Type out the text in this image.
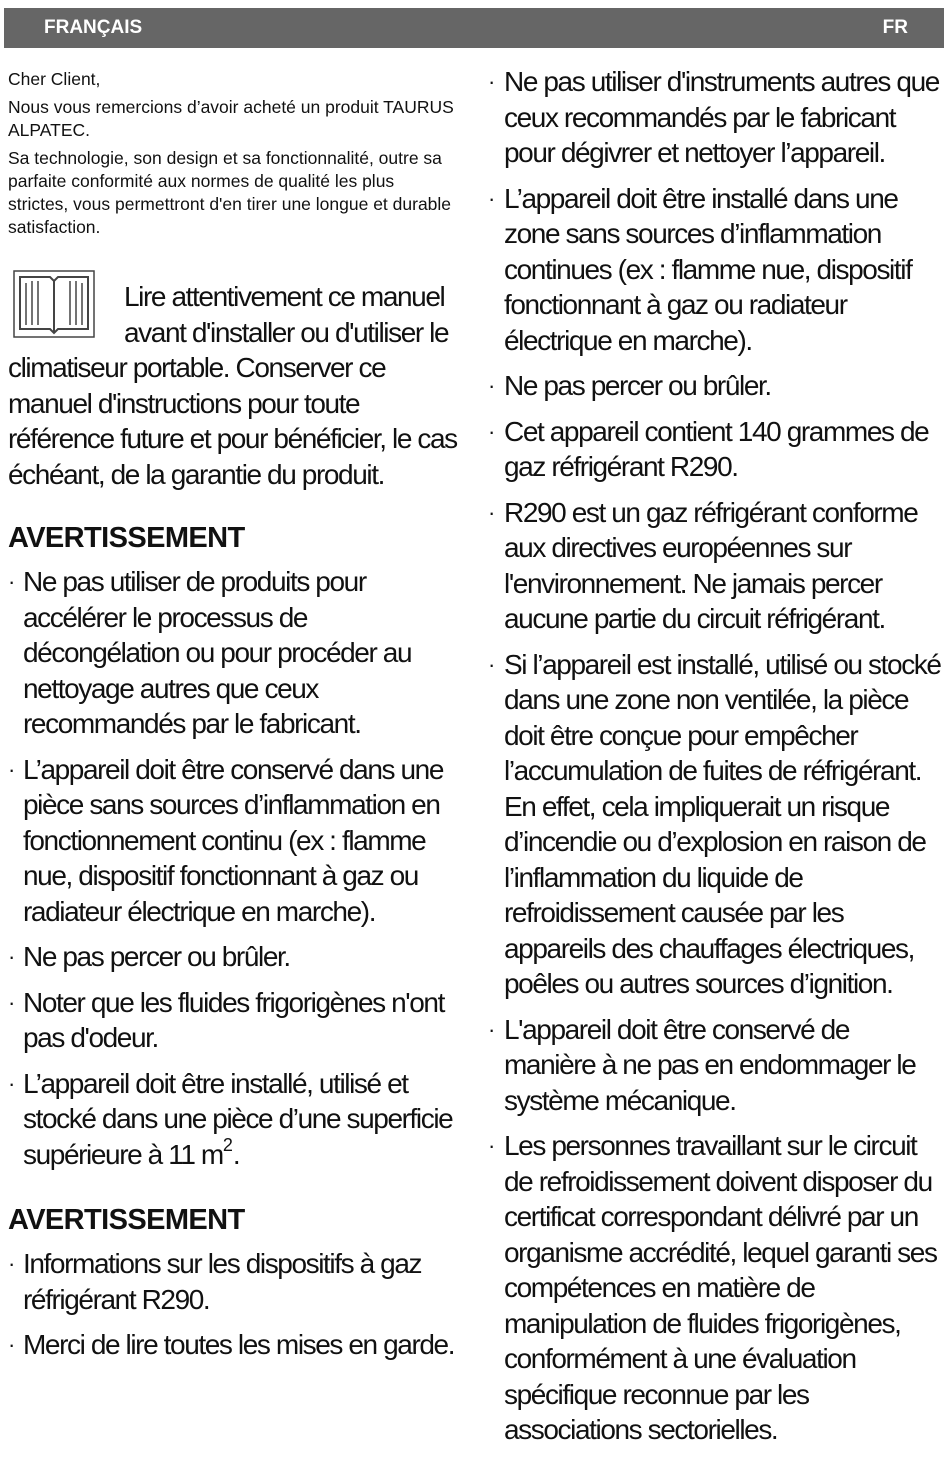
FRANÇAIS	FR

Cher Client,

Nous vous remercions d’avoir acheté un produit TAURUS ALPATEC.

Sa technologie, son design et sa fonctionnalité, outre sa parfaite conformité aux normes de qualité les plus strictes, vous permettront d'en tirer une longue et durable satisfaction.

Lire attentivement ce manuel avant d'installer ou d'utiliser le climatiseur portable. Conserver ce manuel d'instructions pour toute référence future et pour bénéficier, le cas échéant, de la garantie du produit.
AVERTISSEMENT
· Ne pas utiliser de produits pour accélérer le processus de décongélation ou pour procéder au nettoyage autres que ceux recommandés par le fabricant.
· L’appareil doit être conservé dans une pièce sans sources d’inflammation en fonctionnement continu (ex : flamme nue, dispositif fonctionnant à gaz ou radiateur électrique en marche).
· Ne pas percer ou brûler.
· Noter que les fluides frigorigènes n'ont pas d'odeur.
· L’appareil doit être installé, utilisé et stocké dans une pièce d’une superficie supérieure à 11 $m^2$.
AVERTISSEMENT
· Informations sur les dispositifs à gaz réfrigérant R290.
· Merci de lire toutes les mises en garde.
· Ne pas utiliser d'instruments autres que ceux recommandés par le fabricant pour dégivrer et nettoyer l’appareil.
· L’appareil doit être installé dans une zone sans sources d’inflammation continues (ex : flamme nue, dispositif fonctionnant à gaz ou radiateur électrique en marche).
· Ne pas percer ou brûler.
· Cet appareil contient 140 grammes de gaz réfrigérant R290.
· R290 est un gaz réfrigérant conforme aux directives européennes sur l'environnement. Ne jamais percer aucune partie du circuit réfrigérant.
· Si l’appareil est installé, utilisé ou stocké dans une zone non ventilée, la pièce doit être conçue pour empêcher l’accumulation de fuites de réfrigérant. En effet, cela impliquerait un risque d’incendie ou d’explosion en raison de l’inflammation du liquide de refroidissement causée par les appareils des chauffages électriques, poêles ou autres sources d’ignition.
· L'appareil doit être conservé de manière à ne pas en endommager le système mécanique.
· Les personnes travaillant sur le circuit de refroidissement doivent disposer du certificat correspondant délivré par un organisme accrédité, lequel garanti ses compétences en matière de manipulation de fluides frigorigènes, conformément à une évaluation spécifique reconnue par les associations sectorielles.
